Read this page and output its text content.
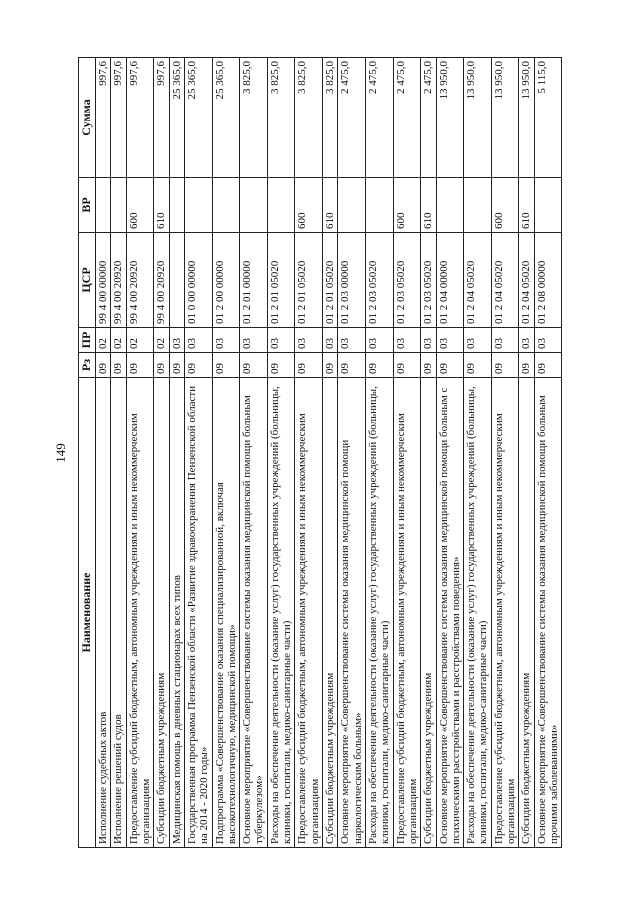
149
Наименование	Рз	ПР	ЦСР	ВР	Сумма
Исполнение судебных актов	09	02	99 4 00 00000		997,6
Исполнение решений судов	09	02	99 4 00 20920		997,6
Предоставление субсидий бюджетным, автономным учреждениям и иным некоммерческим организациям	09	02	99 4 00 20920	600	997,6
Субсидии бюджетным учреждениям	09	02	99 4 00 20920	610	997,6
Медицинская помощь в дневных стационарах всех типов	09	03			25 365,0
Государственная программа Пензенской области «Развитие здравоохранения Пензенской области на 2014 - 2020 годы»	09	03	01 0 00 00000		25 365,0
Подпрограмма «Совершенствование оказания специализированной, включая высокотехнологичную, медицинской помощи»	09	03	01 2 00 00000		25 365,0
Основное мероприятие «Совершенствование системы оказания медицинской помощи больным туберкулезом»	09	03	01 2 01 00000		3 825,0
Расходы на обеспечение деятельности (оказание услуг) государственных учреждений (больницы, клиники, госпитали, медико-санитарные части)	09	03	01 2 01 05020		3 825,0
Предоставление субсидий бюджетным, автономным учреждениям и иным некоммерческим организациям	09	03	01 2 01 05020	600	3 825,0
Субсидии бюджетным учреждениям	09	03	01 2 01 05020	610	3 825,0
Основное мероприятие «Совершенствование системы оказания медицинской помощи наркологическим больным»	09	03	01 2 03 00000		2 475,0
Расходы на обеспечение деятельности (оказание услуг) государственных учреждений (больницы, клиники, госпитали, медико-санитарные части)	09	03	01 2 03 05020		2 475,0
Предоставление субсидий бюджетным, автономным учреждениям и иным некоммерческим организациям	09	03	01 2 03 05020	600	2 475,0
Субсидии бюджетным учреждениям	09	03	01 2 03 05020	610	2 475,0
Основное мероприятие «Совершенствование системы оказания медицинской помощи больным с психическими расстройствами и расстройствами поведения»	09	03	01 2 04 00000		13 950,0
Расходы на обеспечение деятельности (оказание услуг) государственных учреждений (больницы, клиники, госпитали, медико-санитарные части)	09	03	01 2 04 05020		13 950,0
Предоставление субсидий бюджетным, автономным учреждениям и иным некоммерческим организациям	09	03	01 2 04 05020	600	13 950,0
Субсидии бюджетным учреждениям	09	03	01 2 04 05020	610	13 950,0
Основное мероприятие «Совершенствование системы оказания медицинской помощи больным прочими заболеваниями»	09	03	01 2 08 00000		5 115,0
